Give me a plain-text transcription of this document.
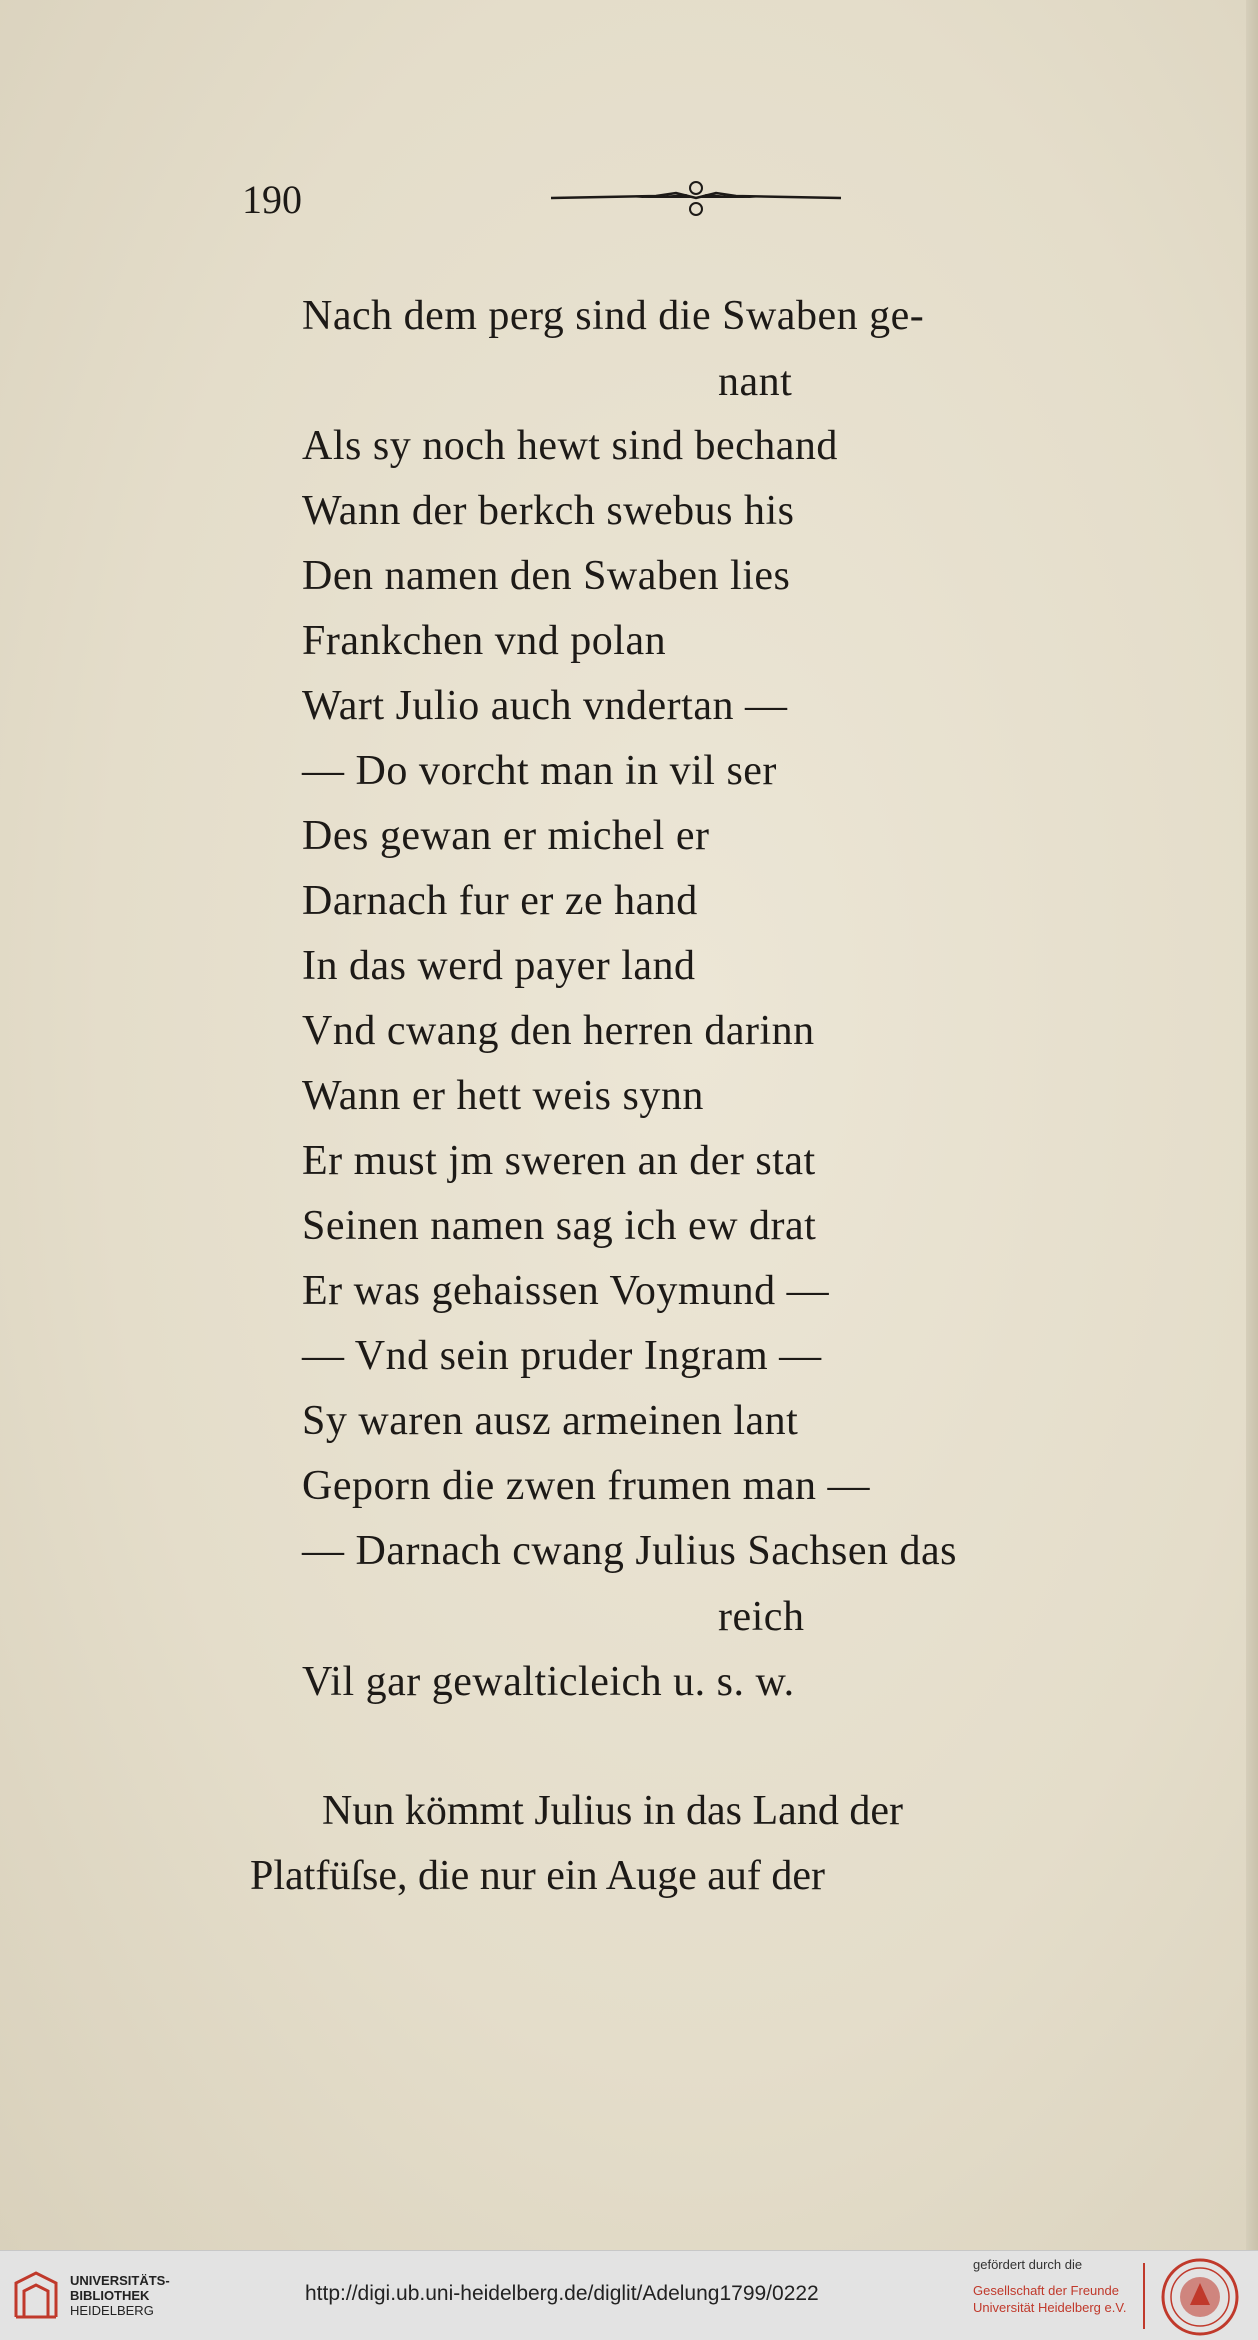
190
Nach dem perg sind die Swaben ge-
nant
Als sy noch hewt sind bechand
Wann der berkch swebus his
Den namen den Swaben lies
Frankchen vnd polan
Wart Julio auch vndertan —
— Do vorcht man in vil ser
Des gewan er michel er
Darnach fur er ze hand
In das werd payer land
Vnd cwang den herren darinn
Wann er hett weis synn
Er must jm sweren an der stat
Seinen namen sag ich ew drat
Er was gehaissen Voymund —
— Vnd sein pruder Ingram —
Sy waren ausz armeinen lant
Geporn die zwen frumen man —
— Darnach cwang Julius Sachsen das
reich
Vil gar gewalticleich u. s. w.
Nun kömmt Julius in das Land der
Platfüſse, die nur ein Auge auf der
UNIVERSITÄTS-
BIBLIOTHEK
HEIDELBERG
http://digi.ub.uni-heidelberg.de/diglit/Adelung1799/0222
gefördert durch die
Gesellschaft der Freunde
Universität Heidelberg e.V.
